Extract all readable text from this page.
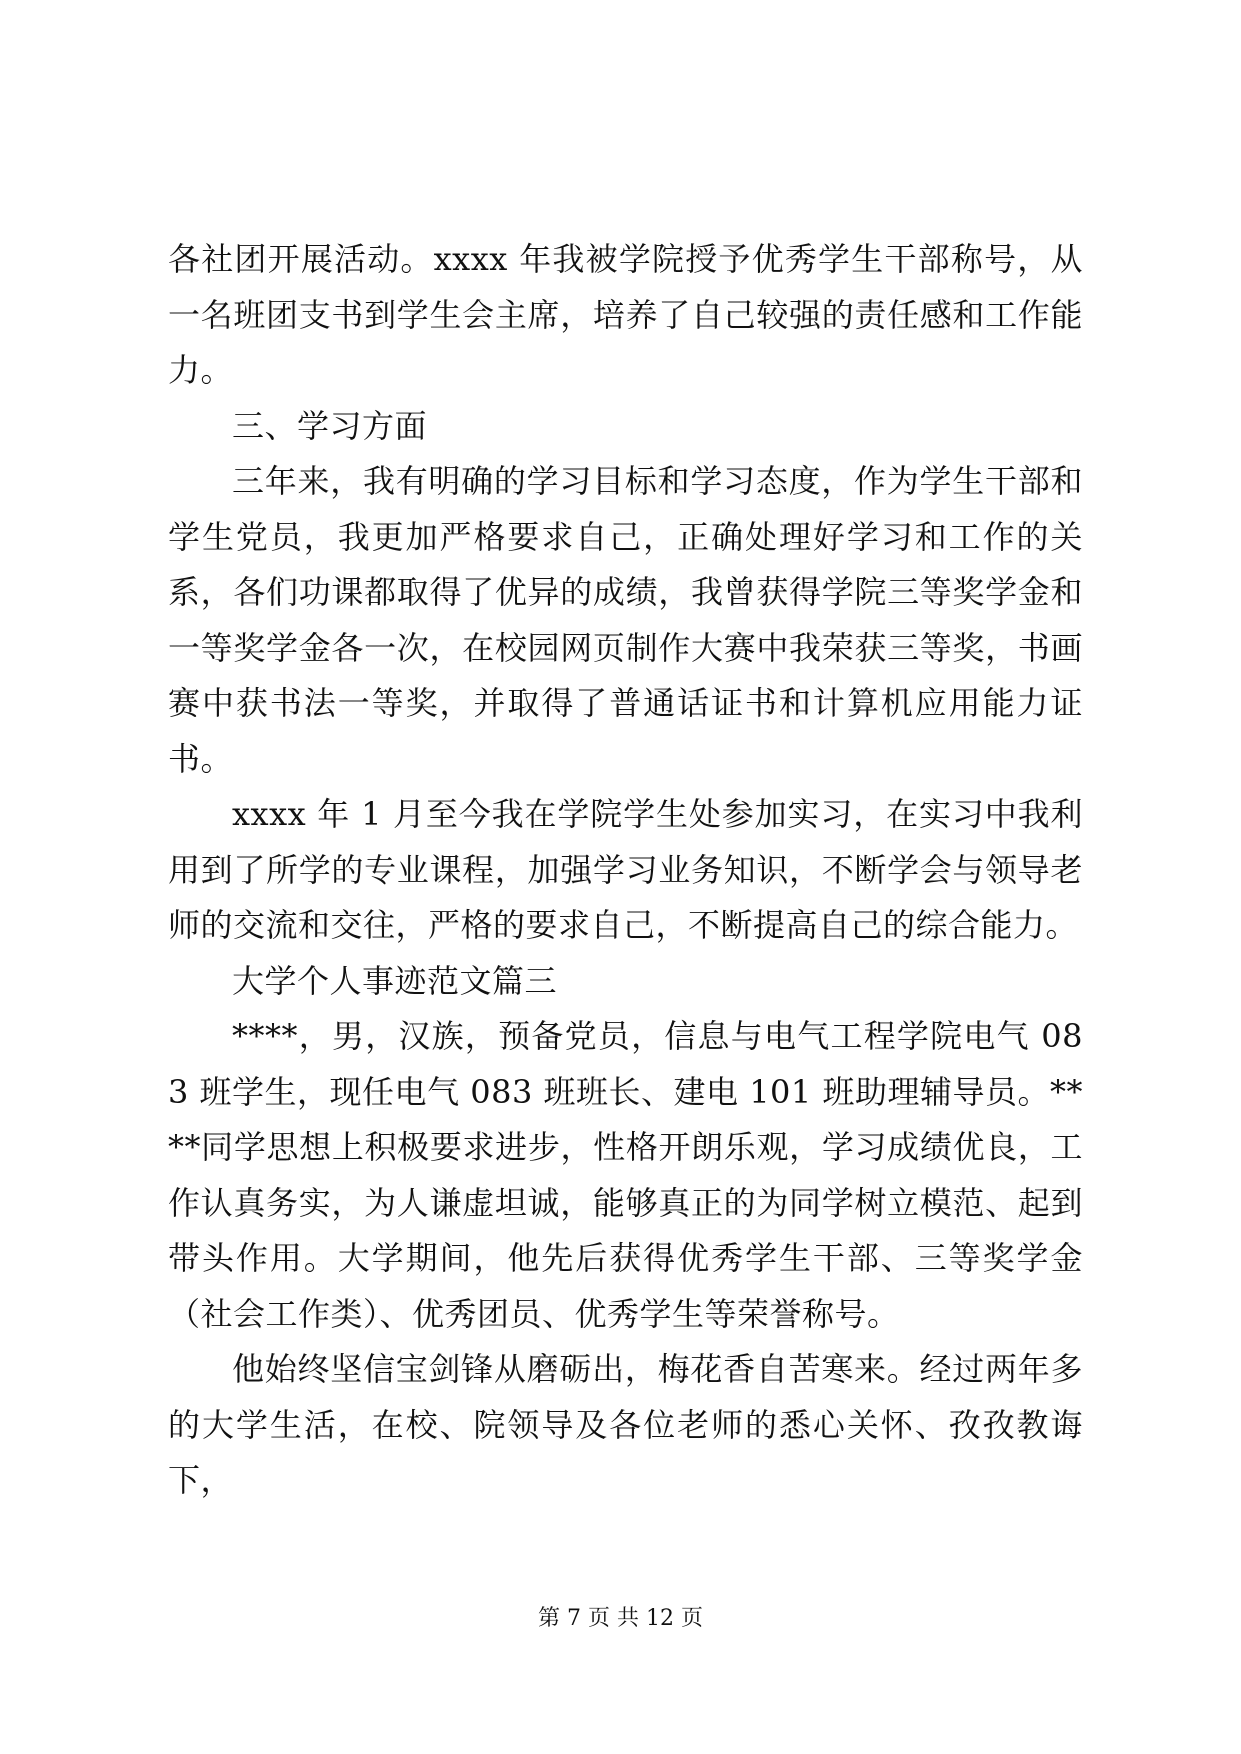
各社团开展活动。xxxx 年我被学院授予优秀学生干部称号，从一名班团支书到学生会主席，培养了自己较强的责任感和工作能力。

三、学习方面

三年来，我有明确的学习目标和学习态度，作为学生干部和学生党员，我更加严格要求自己，正确处理好学习和工作的关系，各们功课都取得了优异的成绩，我曾获得学院三等奖学金和一等奖学金各一次，在校园网页制作大赛中我荣获三等奖，书画赛中获书法一等奖，并取得了普通话证书和计算机应用能力证书。

xxxx 年 1 月至今我在学院学生处参加实习，在实习中我利用到了所学的专业课程，加强学习业务知识，不断学会与领导老师的交流和交往，严格的要求自己，不断提高自己的综合能力。

大学个人事迹范文篇三

****，男，汉族，预备党员，信息与电气工程学院电气 083 班学生，现任电气 083 班班长、建电 101 班助理辅导员。****同学思想上积极要求进步，性格开朗乐观，学习成绩优良，工作认真务实，为人谦虚坦诚，能够真正的为同学树立模范、起到带头作用。大学期间，他先后获得优秀学生干部、三等奖学金（社会工作类）、优秀团员、优秀学生等荣誉称号。

他始终坚信宝剑锋从磨砺出，梅花香自苦寒来。经过两年多的大学生活，在校、院领导及各位老师的悉心关怀、孜孜教诲下，

第 7 页 共 12 页
